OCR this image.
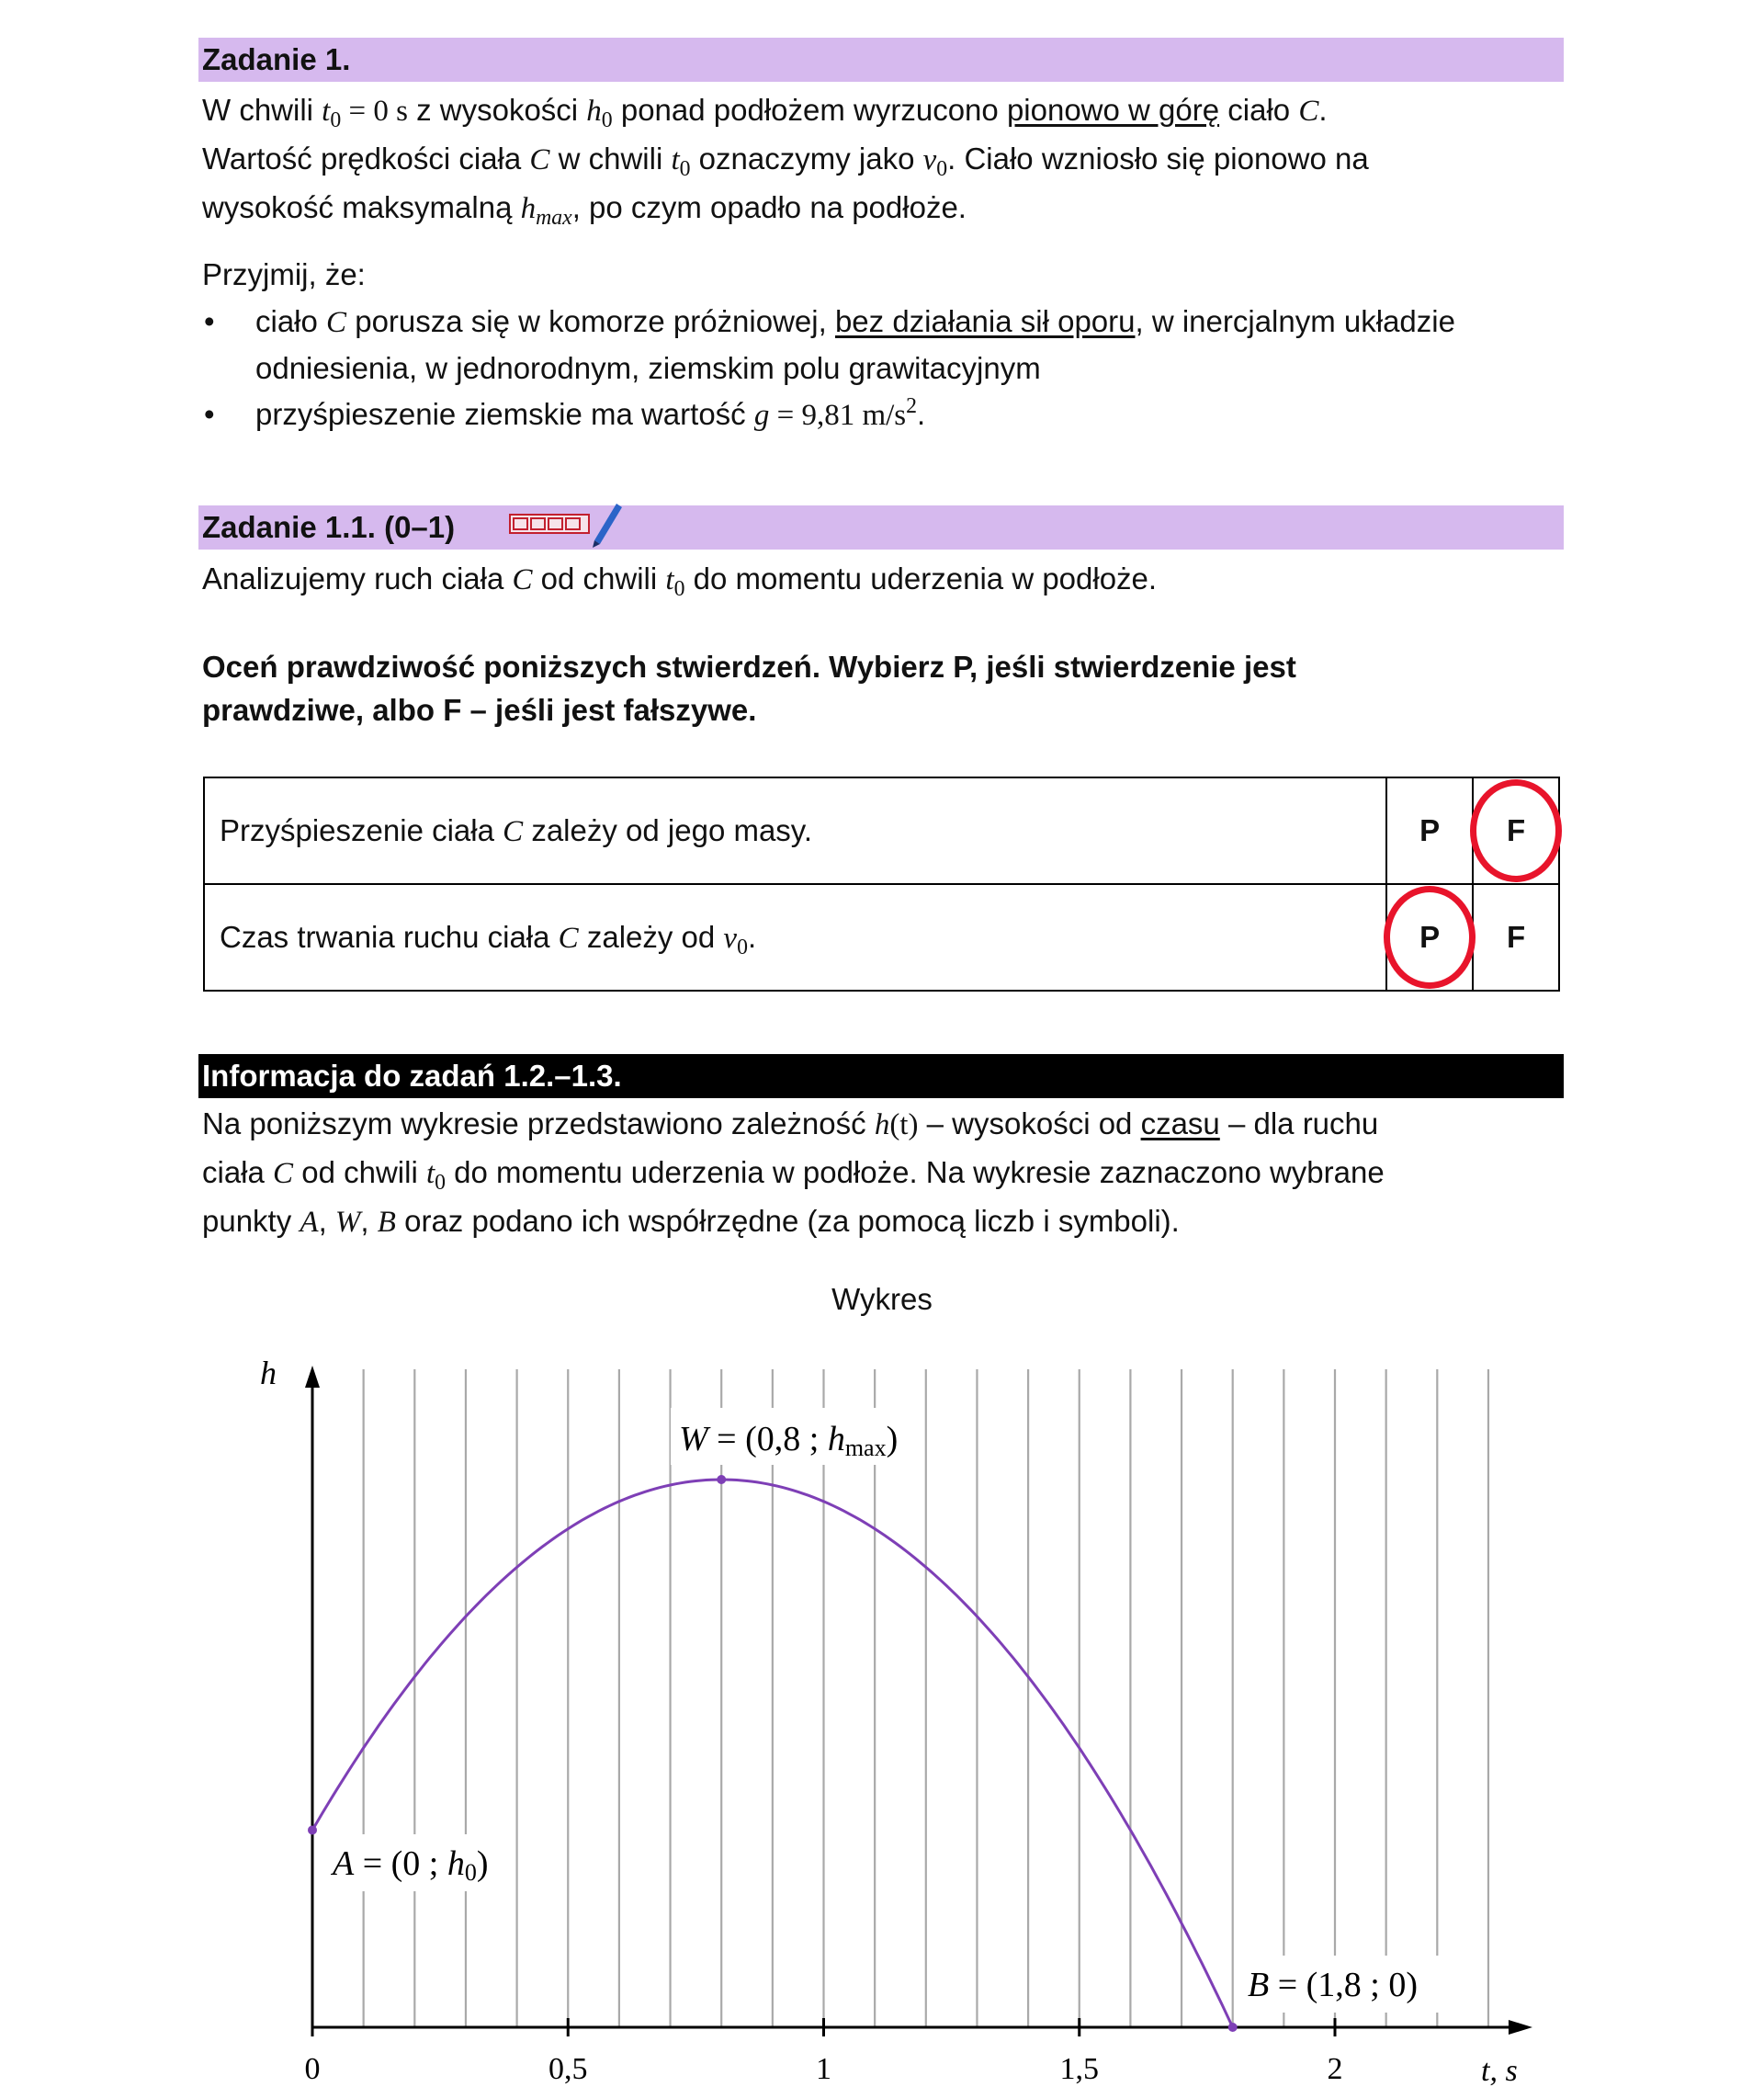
Zadanie 1.

W chwili $t_0 = 0$ s z wysokości $h_0$ ponad podłożem wyrzucono pionowo w górę ciało C.

Wartość prędkości ciała C w chwili $t_0$ oznaczymy jako $v_0$. Ciało wzniosło się pionowo na

wysokość maksymalną $h_{max}$, po czym opadło na podłoże.

Przyjmij, że:
• ciało C porusza się w komorze próżniowej, bez działania sił oporu, w inercjalnym układzie
odniesienia, w jednorodnym, ziemskim polu grawitacyjnym
• przyśpieszenie ziemskie ma wartość g = 9,81 $m/s^2$.
Zadanie 1.1. (0–1)
Analizujemy ruch ciała C od chwili $t_0$ do momentu uderzenia w podłoże.
Oceń prawdziwość poniższych stwierdzeń. Wybierz P, jeśli stwierdzenie jest
prawdziwe, albo F – jeśli jest fałszywe.
Przyśpieszenie ciała C zależy od jego masy.	P	F

Czas trwania ruchu ciała C zależy od $v_0$.	P	F
Informacja do zadań 1.2.–1.3.

Na poniższym wykresie przedstawiono zależność h(t) – wysokości od czasu – dla ruchu

ciała C od chwili $t_0$ do momentu uderzenia w podłoże. Na wykresie zaznaczono wybrane

punkty A, W, B oraz podano ich współrzędne (za pomocą liczb i symboli).

Wykres
0	0,5	1	1,5	2
h
t, s
W = (0,8 ; hmax)
A = (0 ; h0)
B = (1,8 ; 0)
